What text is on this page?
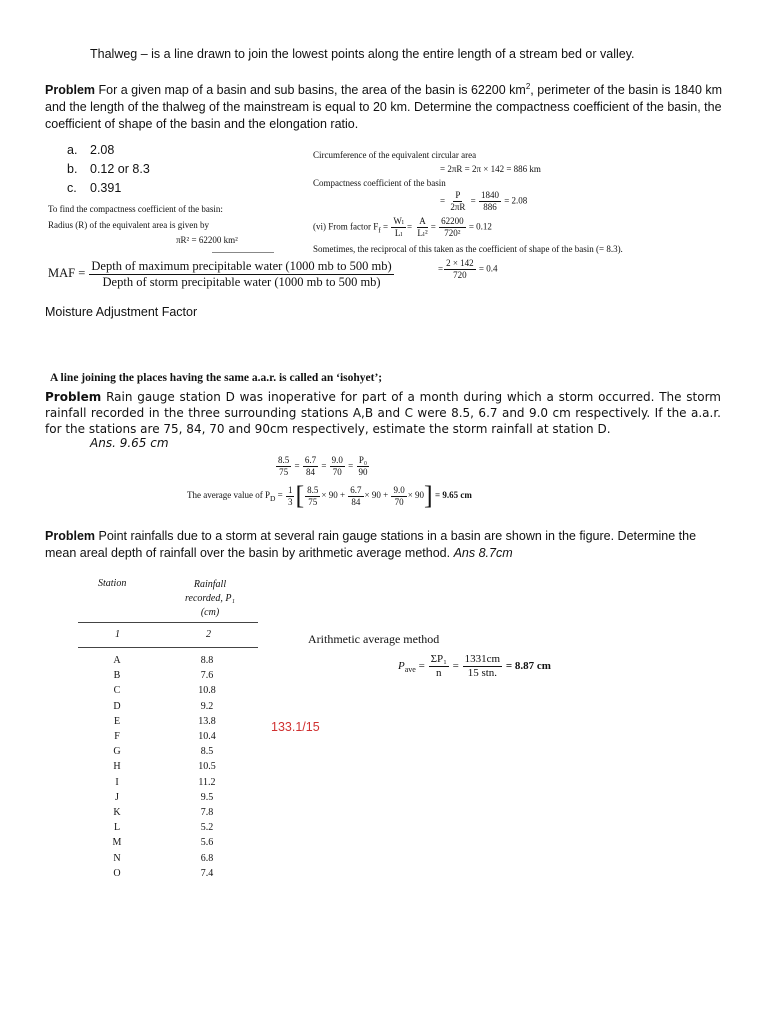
Thalweg – is a line drawn to join the lowest points along the entire length of a stream bed or valley.
Problem For a given map of a basin and sub basins, the area of the basin is 62200 $km^2$, perimeter of the basin is 1840 km and the length of the thalweg of the mainstream is equal to 20 km. Determine the compactness coefficient of the basin, the coefficient of shape of the basin and the elongation ratio.
a. 2.08
b. 0.12 or 8.3
c. 0.391
Circumference of the equivalent circular area
= 2πR = 2π × 142 = 886 km
Compactness coefficient of the basin
= $\frac{P}{2\pi R} = \frac{1840}{886} = 2.08$
(vi) From factor $F_f = \frac{\text{Wₗ}}{\text{Lₗ}} = \frac{A}{\text{Lₗ²}} = \frac{62200}{\text{720²}} = 0.12$
Sometimes, the reciprocal of this taken as the coefficient of shape of the basin (= 8.3).
To find the compactness coefficient of the basin:
Radius (R) of the equivalent area is given by
πR² = 62200 km²
MAF = $\frac{\text{Depth of maximum precipitable water (1000 mb to 500 mb)}}{\text{Depth of storm precipitable water (1000 mb to 500 mb)}}$	= $\frac{2 \times 142}{720} = 0.4$
Moisture Adjustment Factor
A line joining the places having the same a.a.r. is called an ‘isohyet’;
Problem Rain gauge station D was inoperative for part of a month during which a storm occurred. The storm rainfall recorded in the three surrounding stations A,B and C were 8.5, 6.7 and 9.0 cm respectively. If the a.a.r. for the stations are 75, 84, 70 and 90cm respectively, estimate the storm rainfall at station D.
Ans. 9.65 cm
$\frac{8.5}{75} = \frac{6.7}{84} = \frac{9.0}{70} = \frac{\text{P₀}}{90}$
The average value of $P_D = \frac{1}{3}$ [ $\frac{8.5}{75} \times 90 + \frac{6.7}{84} \times 90 + \frac{9.0}{70} \times 90] = 9.65$ cm
Problem Point rainfalls due to a storm at several rain gauge stations in a basin are shown in the figure. Determine the mean areal depth of rainfall over the basin by arithmetic average method. Ans 8.7cm
Station	Rainfall
recorded, P₁
(cm)
1	2
A	8.8
B	7.6
C	10.8
D	9.2
E	13.8
F	10.4
G	8.5
H	10.5
I	11.2
J	9.5
K	7.8
L	5.2
M	5.6
N	6.8
O	7.4
Arithmetic average method
$P_{ave} = \frac{\text{ΣP₁}}{n} = \frac{1331cm}{\text{15 stn.}} = 8.87$ cm
133.1/15
